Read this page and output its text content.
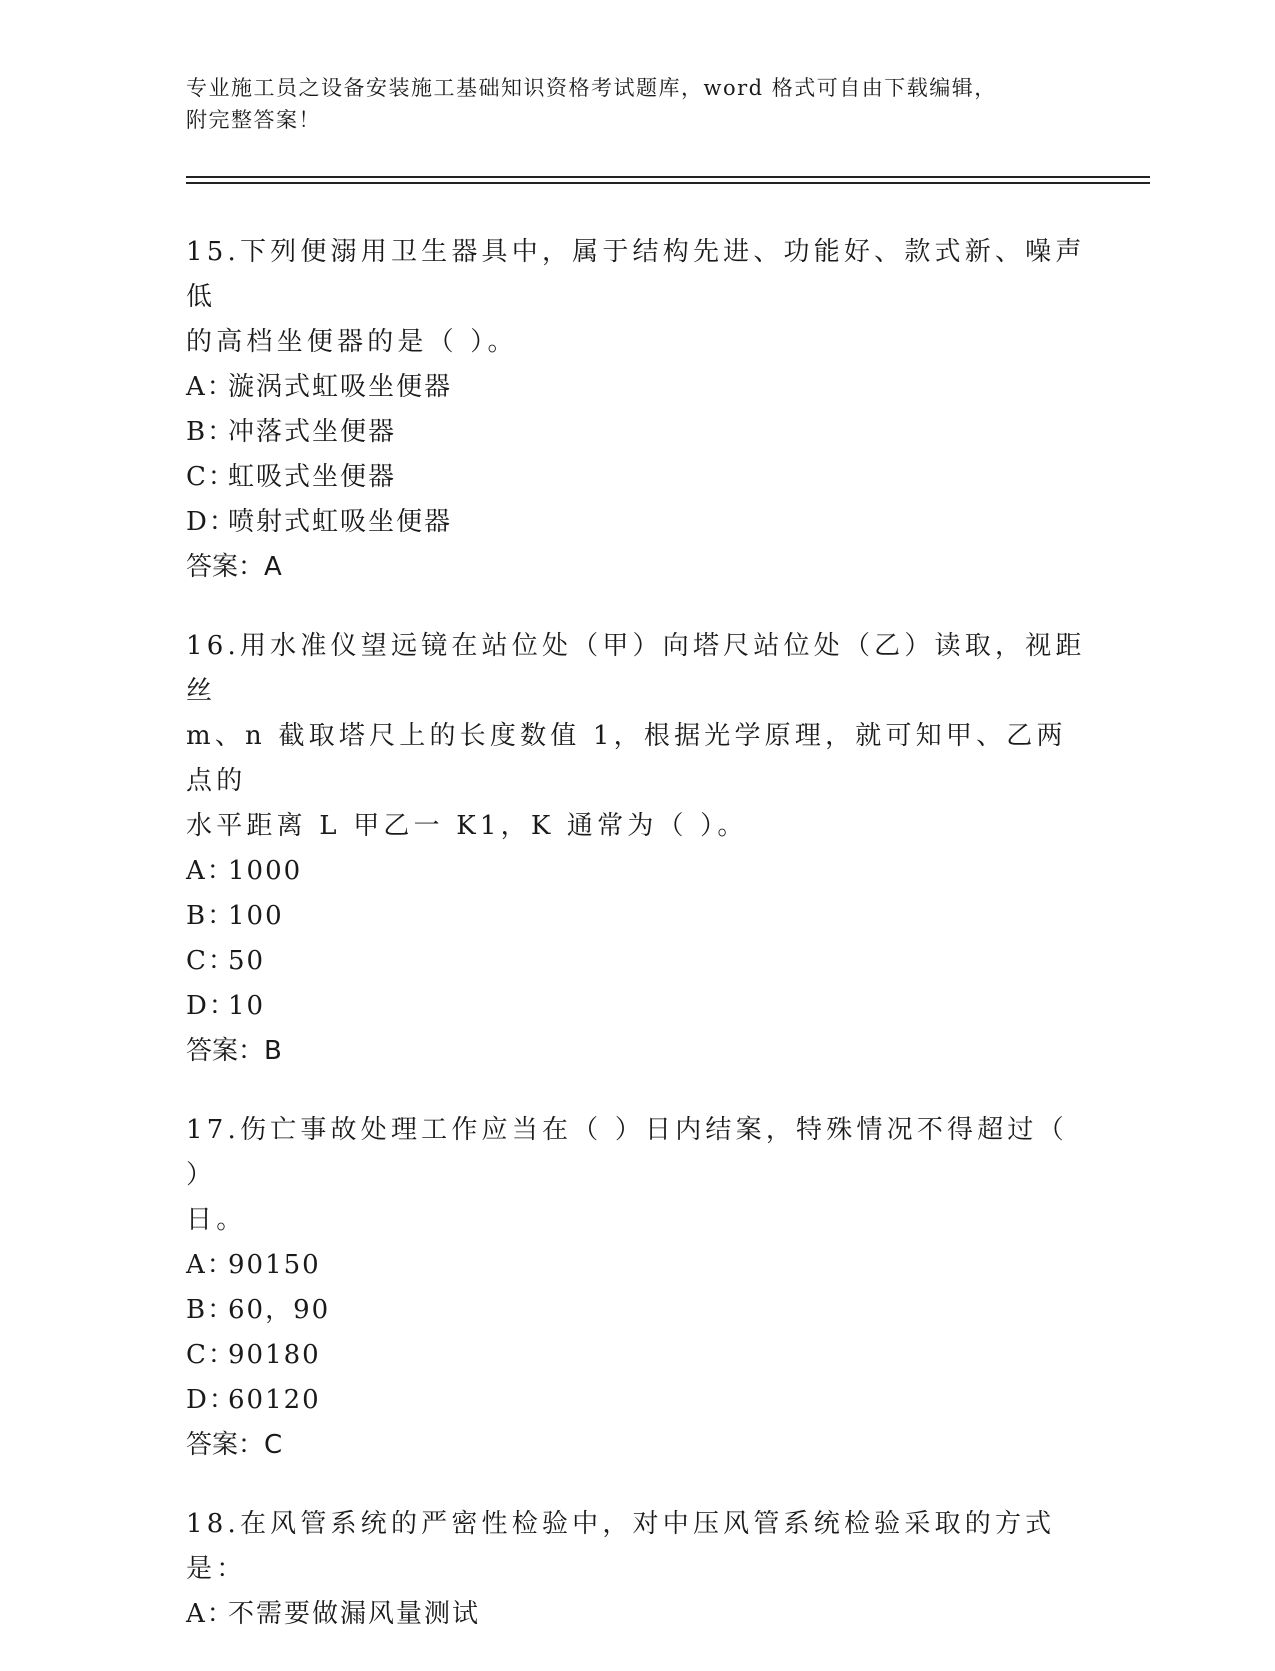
专业施工员之设备安装施工基础知识资格考试题库，word 格式可自由下载编辑，
附完整答案！

15.下列便溺用卫生器具中，属于结构先进、功能好、款式新、噪声低

的高档坐便器的是（ ）。

A：漩涡式虹吸坐便器

B：冲落式坐便器

C：虹吸式坐便器

D：喷射式虹吸坐便器

答案：A

16.用水准仪望远镜在站位处（甲）向塔尺站位处（乙）读取，视距丝

m、n 截取塔尺上的长度数值 1，根据光学原理，就可知甲、乙两点的

水平距离 L 甲乙一 K1，K 通常为（ ）。

A：1000

B：100

C：50

D：10

答案：B

17.伤亡事故处理工作应当在（ ）日内结案，特殊情况不得超过（ ）

日。

A：90150

B：60，90

C：90180

D：60120

答案：C

18.在风管系统的严密性检验中，对中压风管系统检验采取的方式是：

A：不需要做漏风量测试
